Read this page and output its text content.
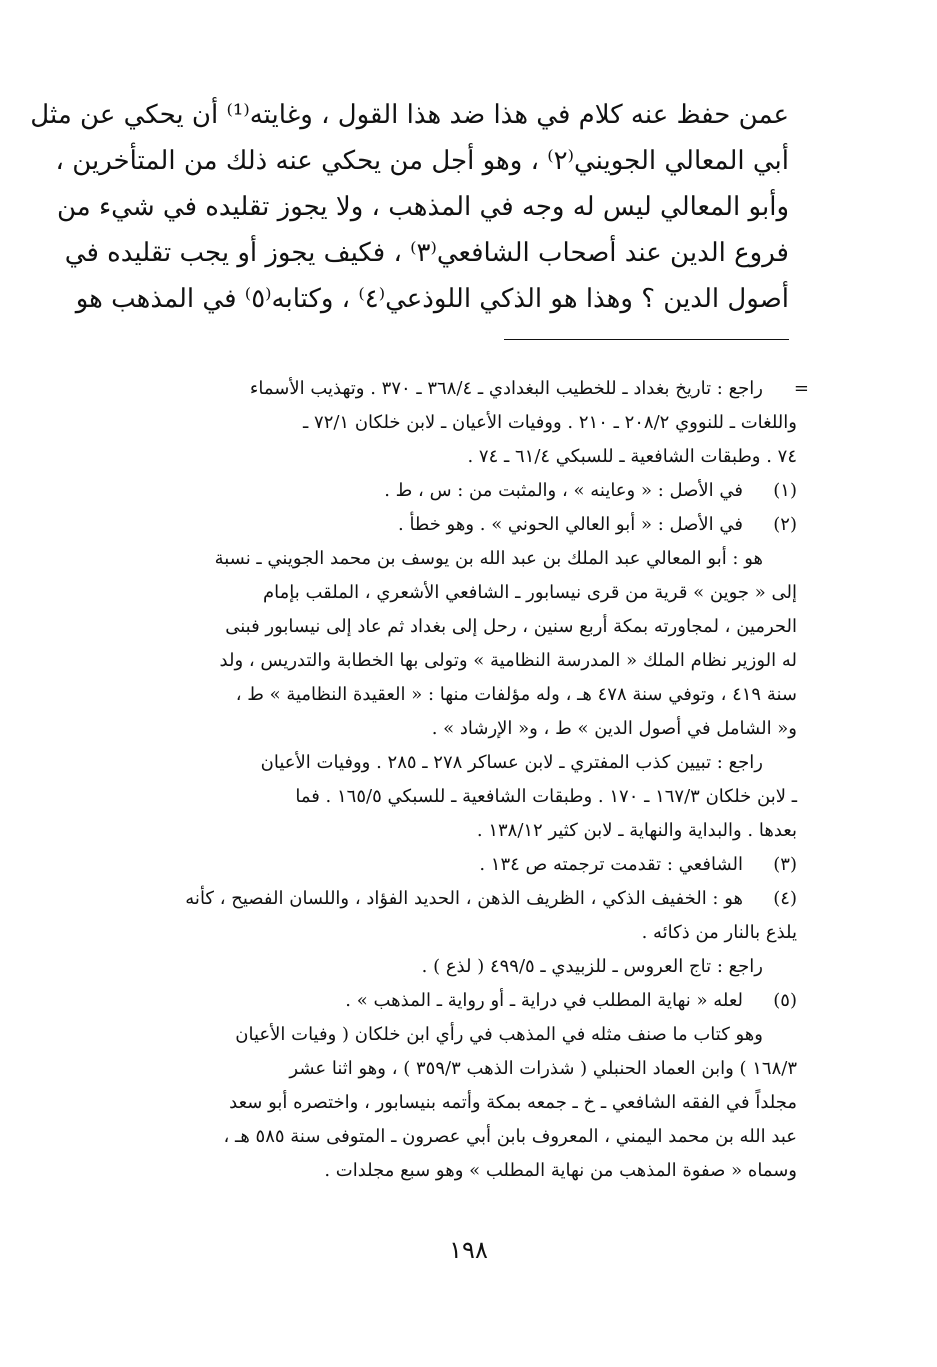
عمن حفظ عنه كلام في هذا ضد هذا القول ، وغايته⁽¹⁾ أن يحكي عن مثل
أبي المعالي الجويني⁽٢⁾ ، وهو أجل من يحكي عنه ذلك من المتأخرين ،
وأبو المعالي ليس له وجه في المذهب ، ولا يجوز تقليده في شيء من
فروع الدين عند أصحاب الشافعي⁽٣⁾ ، فكيف يجوز أو يجب تقليده في
أصول الدين ؟ وهذا هو الذكي اللوذعي⁽٤⁾ ، وكتابه⁽٥⁾ في المذهب هو
=
راجع : تاريخ بغداد ـ للخطيب البغدادي ـ ٣٦٨/٤ ـ ٣٧٠ . وتهذيب الأسماء
واللغات ـ للنووي ٢٠٨/٢ ـ ٢١٠ . ووفيات الأعيان ـ لابن خلكان ٧٢/١ ـ
٧٤ . وطبقات الشافعية ـ للسبكي ٦١/٤ ـ ٧٤ .
(١)
في الأصل : « وعاينه » ، والمثبت من : س ، ط .
(٢)
في الأصل : « أبو العالي الحوني » . وهو خطأ .
هو : أبو المعالي عبد الملك بن عبد الله بن يوسف بن محمد الجويني ـ نسبة
إلى « جوين » قرية من قرى نيسابور ـ الشافعي الأشعري ، الملقب بإمام
الحرمين ، لمجاورته بمكة أربع سنين ، رحل إلى بغداد ثم عاد إلى نيسابور فبنى
له الوزير نظام الملك « المدرسة النظامية » وتولى بها الخطابة والتدريس ، ولد
سنة ٤١٩ ، وتوفي سنة ٤٧٨ هـ ، وله مؤلفات منها : « العقيدة النظامية » ط ،
و« الشامل في أصول الدين » ط ، و« الإرشاد » .
راجع : تبيين كذب المفتري ـ لابن عساكر ٢٧٨ ـ ٢٨٥ . ووفيات الأعيان
ـ لابن خلكان ١٦٧/٣ ـ ١٧٠ . وطبقات الشافعية ـ للسبكي ١٦٥/٥ . فما
بعدها . والبداية والنهاية ـ لابن كثير ١٣٨/١٢ .
(٣)
الشافعي : تقدمت ترجمته ص ١٣٤ .
(٤)
هو : الخفيف الذكي ، الظريف الذهن ، الحديد الفؤاد ، واللسان الفصيح ، كأنه
يلذع بالنار من ذكائه .
راجع : تاج العروس ـ للزبيدي ـ ٤٩٩/٥ ( لذع ) .
(٥)
لعله « نهاية المطلب في دراية ـ أو رواية ـ المذهب » .
وهو كتاب ما صنف مثله في المذهب في رأي ابن خلكان ( وفيات الأعيان
١٦٨/٣ ) وابن العماد الحنبلي ( شذرات الذهب ٣٥٩/٣ ) ، وهو اثنا عشر
مجلداً في الفقه الشافعي ـ خ ـ جمعه بمكة وأتمه بنيسابور ، واختصره أبو سعد
عبد الله بن محمد اليمني ، المعروف بابن أبي عصرون ـ المتوفى سنة ٥٨٥ هـ ،
وسماه « صفوة المذهب من نهاية المطلب » وهو سبع مجلدات .
١٩٨
